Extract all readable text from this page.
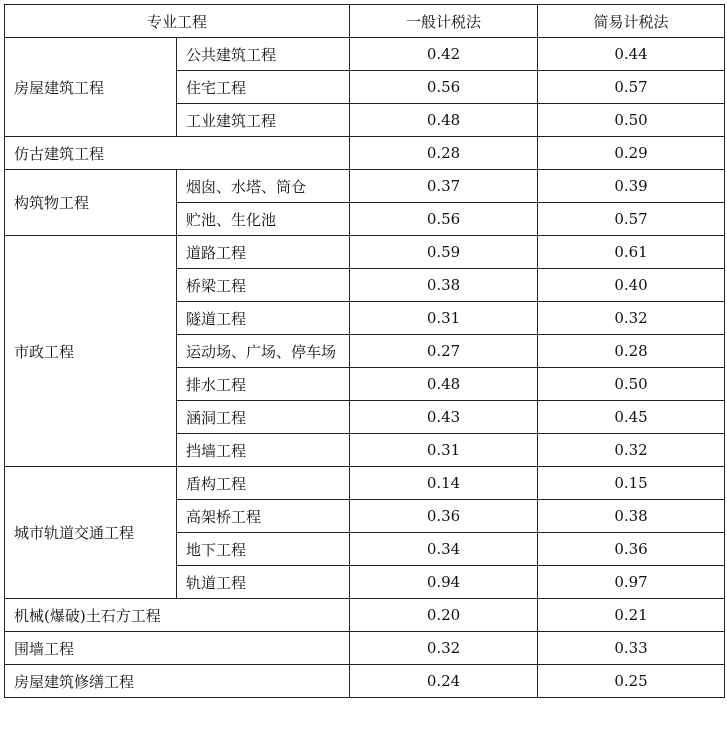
专业工程		一般计税法	简易计税法
房屋建筑工程	公共建筑工程	0.42	0.44
	住宅工程	0.56	0.57
	工业建筑工程	0.48	0.50
仿古建筑工程		0.28	0.29
构筑物工程	烟囱、水塔、筒仓	0.37	0.39
	贮池、生化池	0.56	0.57
市政工程	道路工程	0.59	0.61
	桥梁工程	0.38	0.40
	隧道工程	0.31	0.32
	运动场、广场、停车场	0.27	0.28
	排水工程	0.48	0.50
	涵洞工程	0.43	0.45
	挡墙工程	0.31	0.32
城市轨道交通工程	盾构工程	0.14	0.15
	高架桥工程	0.36	0.38
	地下工程	0.34	0.36
	轨道工程	0.94	0.97
机械(爆破)土石方工程		0.20	0.21
围墙工程		0.32	0.33
房屋建筑修缮工程		0.24	0.25
